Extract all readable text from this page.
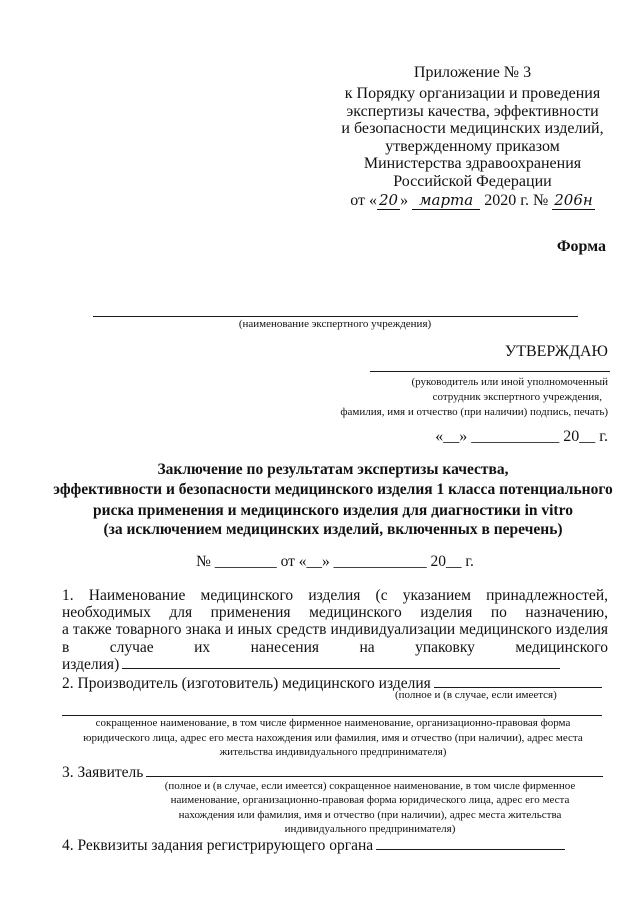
Приложение № 3
к Порядку организации и проведения
экспертизы качества, эффективности
и безопасности медицинских изделий,
утвержденному приказом
Министерства здравоохранения
Российской Федерации
от « 20 » марта 2020 г. № 206н
Форма
(наименование экспертного учреждения)
УТВЕРЖДАЮ
(руководитель или иной уполномоченный
сотрудник экспертного учреждения,
фамилия, имя и отчество (при наличии) подпись, печать)
«__» ___________ 20__ г.
Заключение по результатам экспертизы качества,
эффективности и безопасности медицинского изделия 1 класса потенциального
риска применения и медицинского изделия для диагностики in vitro
(за исключением медицинских изделий, включенных в перечень)
№ ________ от «__» ____________ 20__ г.
1. Наименование медицинского изделия (с указанием принадлежностей,
необходимых для применения медицинского изделия по назначению,
а также товарного знака и иных средств индивидуализации медицинского изделия
в случае их нанесения на упаковку медицинского
изделия)
2. Производитель (изготовитель) медицинского изделия
(полное и (в случае, если имеется)
сокращенное наименование, в том числе фирменное наименование, организационно-правовая форма
юридического лица, адрес его места нахождения или фамилия, имя и отчество (при наличии), адрес места
жительства индивидуального предпринимателя)
3. Заявитель
(полное и (в случае, если имеется) сокращенное наименование, в том числе фирменное
наименование, организационно-правовая форма юридического лица, адрес его места
нахождения или фамилия, имя и отчество (при наличии), адрес места жительства
индивидуального предпринимателя)
4. Реквизиты задания регистрирующего органа
